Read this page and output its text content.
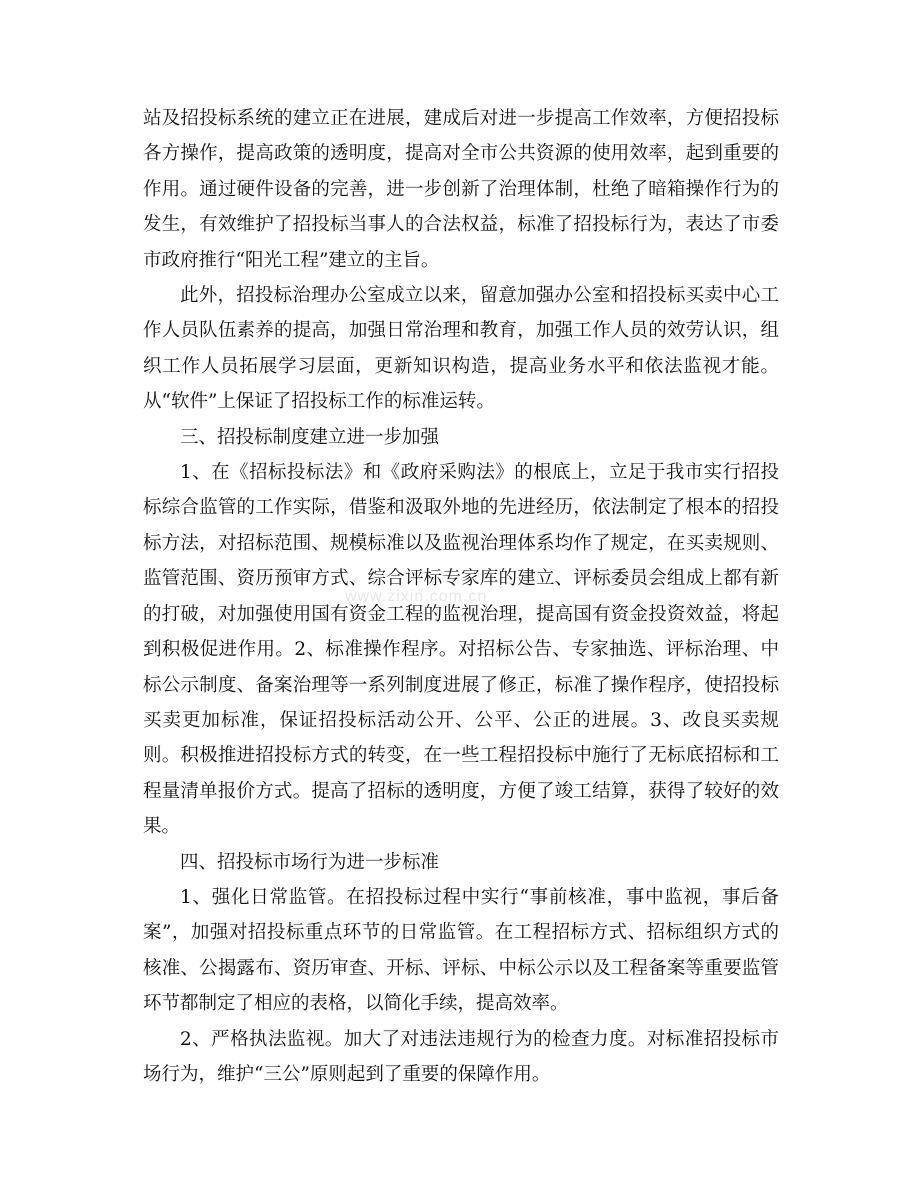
站及招投标系统的建立正在进展，建成后对进一步提高工作效率，方便招投标各方操作，提高政策的透明度，提高对全市公共资源的使用效率，起到重要的作用。通过硬件设备的完善，进一步创新了治理体制，杜绝了暗箱操作行为的发生，有效维护了招投标当事人的合法权益，标准了招投标行为，表达了市委市政府推行“阳光工程”建立的主旨。

此外，招投标治理办公室成立以来，留意加强办公室和招投标买卖中心工作人员队伍素养的提高，加强日常治理和教育，加强工作人员的效劳认识，组织工作人员拓展学习层面，更新知识构造，提高业务水平和依法监视才能。从“软件”上保证了招投标工作的标准运转。

三、招投标制度建立进一步加强

1、在《招标投标法》和《政府采购法》的根底上，立足于我市实行招投标综合监管的工作实际，借鉴和汲取外地的先进经历，依法制定了根本的招投标方法，对招标范围、规模标准以及监视治理体系均作了规定，在买卖规则、监管范围、资历预审方式、综合评标专家库的建立、评标委员会组成上都有新的打破，对加强使用国有资金工程的监视治理，提高国有资金投资效益，将起到积极促进作用。2、标准操作程序。对招标公告、专家抽选、评标治理、中标公示制度、备案治理等一系列制度进展了修正，标准了操作程序，使招投标买卖更加标准，保证招投标活动公开、公平、公正的进展。3、改良买卖规则。积极推进招投标方式的转变，在一些工程招投标中施行了无标底招标和工程量清单报价方式。提高了招标的透明度，方便了竣工结算，获得了较好的效果。

四、招投标市场行为进一步标准

1、强化日常监管。在招投标过程中实行“事前核准，事中监视，事后备案”，加强对招投标重点环节的日常监管。在工程招标方式、招标组织方式的核准、公揭露布、资历审查、开标、评标、中标公示以及工程备案等重要监管环节都制定了相应的表格，以简化手续，提高效率。

2、严格执法监视。加大了对违法违规行为的检查力度。对标准招投标市场行为，维护“三公”原则起到了重要的保障作用。

www.zixin.com.cn
